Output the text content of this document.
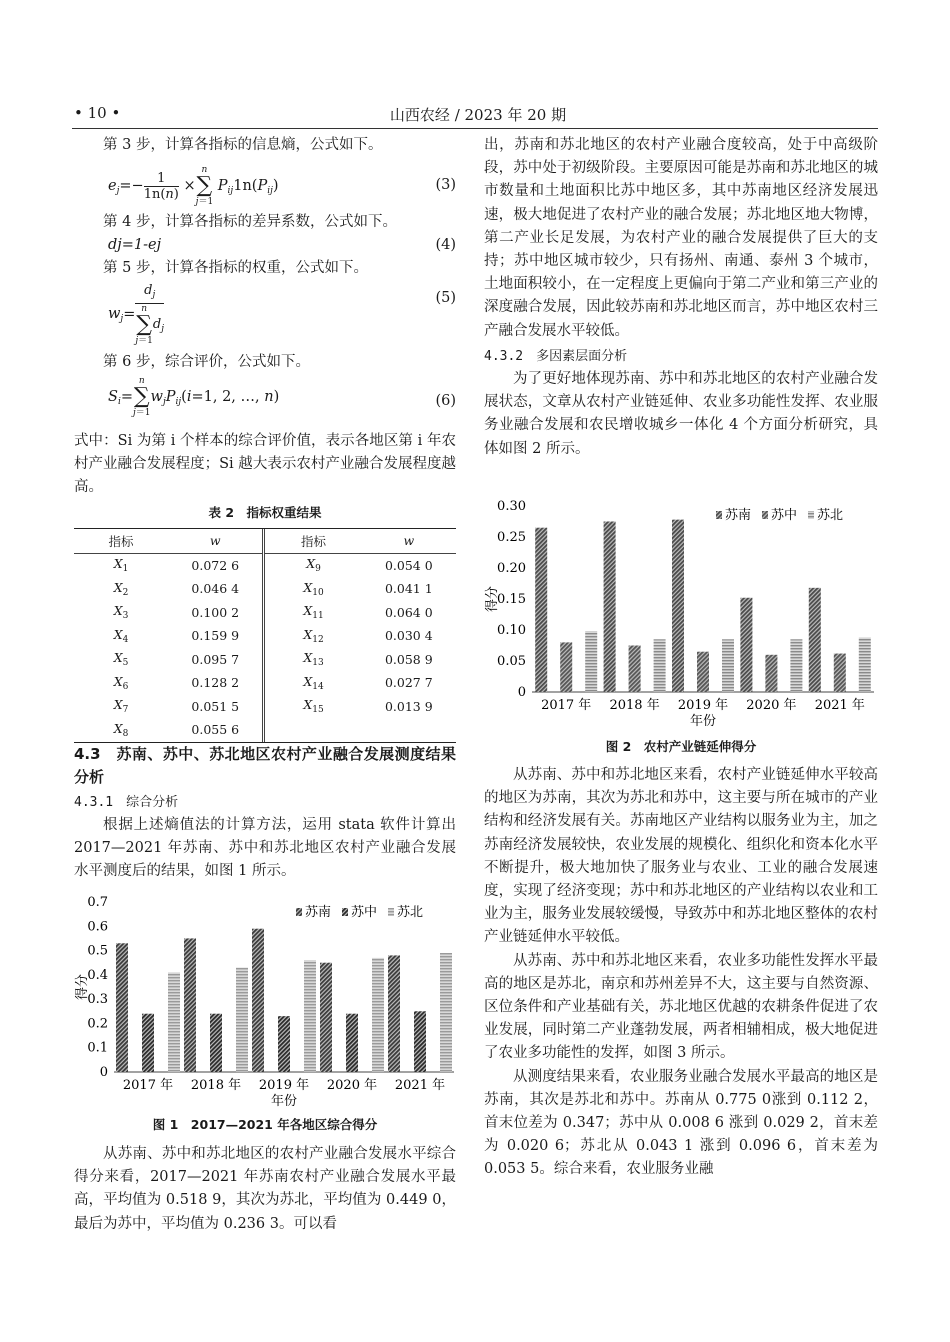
• 10 •	山西农经 / 2023 年 20 期

第 3 步，计算各指标的信息熵，公式如下。

$e_j=- \frac{1}{1n(n)}$ ×
n
∑
j＝1
$P_{ij}1n(P_{ij})$	(3)

第 4 步，计算各指标的差异系数，公式如下。

dj=1-ej	(4)

第 5 步，计算各指标的权重，公式如下。

$w_j= d_j$
n
∑
j＝1
$d_j$	(5)

第 6 步，综合评价，公式如下。

$S_i=$
n
∑
j＝1
$w_jP_{ij}(i=1$, 2, …, n)	(6)

式中：Si 为第 i 个样本的综合评价值，表示各地区第 i 年农村产业融合发展程度；Si 越大表示农村产业融合发展程度越高。

表 2　指标权重结果
指标	w	指标	w
$X_1$	0.072 6	$X_9$	0.054 0
$X_2$	0.046 4	$X_{10}$	0.041 1
$X_3$	0.100 2	$X_{11}$	0.064 0
$X_4$	0.159 9	$X_{12}$	0.030 4
$X_5$	0.095 7	$X_{13}$	0.058 9
$X_6$	0.128 2	$X_{14}$	0.027 7
$X_7$	0.051 5	$X_{15}$	0.013 9
$X_8$	0.055 6		

4.3　苏南、苏中、苏北地区农村产业融合发展测度结果分析

4.3.1　综合分析

根据上述熵值法的计算方法，运用 stata 软件计算出 2017—2021 年苏南、苏中和苏北地区农村产业融合发展水平测度后的结果，如图 1 所示。

0
0.1
0.2
0.3
0.4
0.5
0.6
0.7
得分
2017 年 2018 年 2019 年 2020 年 2021 年
年份
苏南 苏中 苏北
图 1　2017—2021 年各地区综合得分
从苏南、苏中和苏北地区的农村产业融合发展水平综合得分来看，2017—2021 年苏南农村产业融合发展水平最高，平均值为 0.518 9，其次为苏北，平均值为 0.449 0，最后为苏中，平均值为 0.236 3。可以看

出，苏南和苏北地区的农村产业融合度较高，处于中高级阶段，苏中处于初级阶段。主要原因可能是苏南和苏北地区的城市数量和土地面积比苏中地区多，其中苏南地区经济发展迅速，极大地促进了农村产业的融合发展；苏北地区地大物博，第二产业长足发展，为农村产业的融合发展提供了巨大的支持；苏中地区城市较少，只有扬州、南通、泰州 3 个城市，土地面积较小，在一定程度上更偏向于第二产业和第三产业的深度融合发展，因此较苏南和苏北地区而言，苏中地区农村三产融合发展水平较低。

4.3.2　多因素层面分析

为了更好地体现苏南、苏中和苏北地区的农村产业融合发展状态，文章从农村产业链延伸、农业多功能性发挥、农业服务业融合发展和农民增收城乡一体化 4 个方面分析研究，具体如图 2 所示。

0
0.05
0.10
0.15
0.20
0.25
0.30
得分
2017 年 2018 年 2019 年 2020 年 2021 年
年份
苏南 苏中 苏北
图 2　农村产业链延伸得分

从苏南、苏中和苏北地区来看，农村产业链延伸水平较高的地区为苏南，其次为苏北和苏中，这主要与所在城市的产业结构和经济发展有关。苏南地区产业结构以服务业为主，加之苏南经济发展较快，农业发展的规模化、组织化和资本化水平不断提升，极大地加快了服务业与农业、工业的融合发展速度，实现了经济变现；苏中和苏北地区的产业结构以农业和工业为主，服务业发展较缓慢，导致苏中和苏北地区整体的农村产业链延伸水平较低。

从苏南、苏中和苏北地区来看，农业多功能性发挥水平最高的地区是苏北，南京和苏州差异不大，这主要与自然资源、区位条件和产业基础有关，苏北地区优越的农耕条件促进了农业发展，同时第二产业蓬勃发展，两者相辅相成，极大地促进了农业多功能性的发挥，如图 3 所示。

从测度结果来看，农业服务业融合发展水平最高的地区是苏南，其次是苏北和苏中。苏南从 0.775 0涨到 0.112 2，首末位差为 0.347；苏中从 0.008 6 涨到 0.029 2，首末差为 0.020 6；苏北从 0.043 1 涨到 0.096 6，首末差为 0.053 5。综合来看，农业服务业融
